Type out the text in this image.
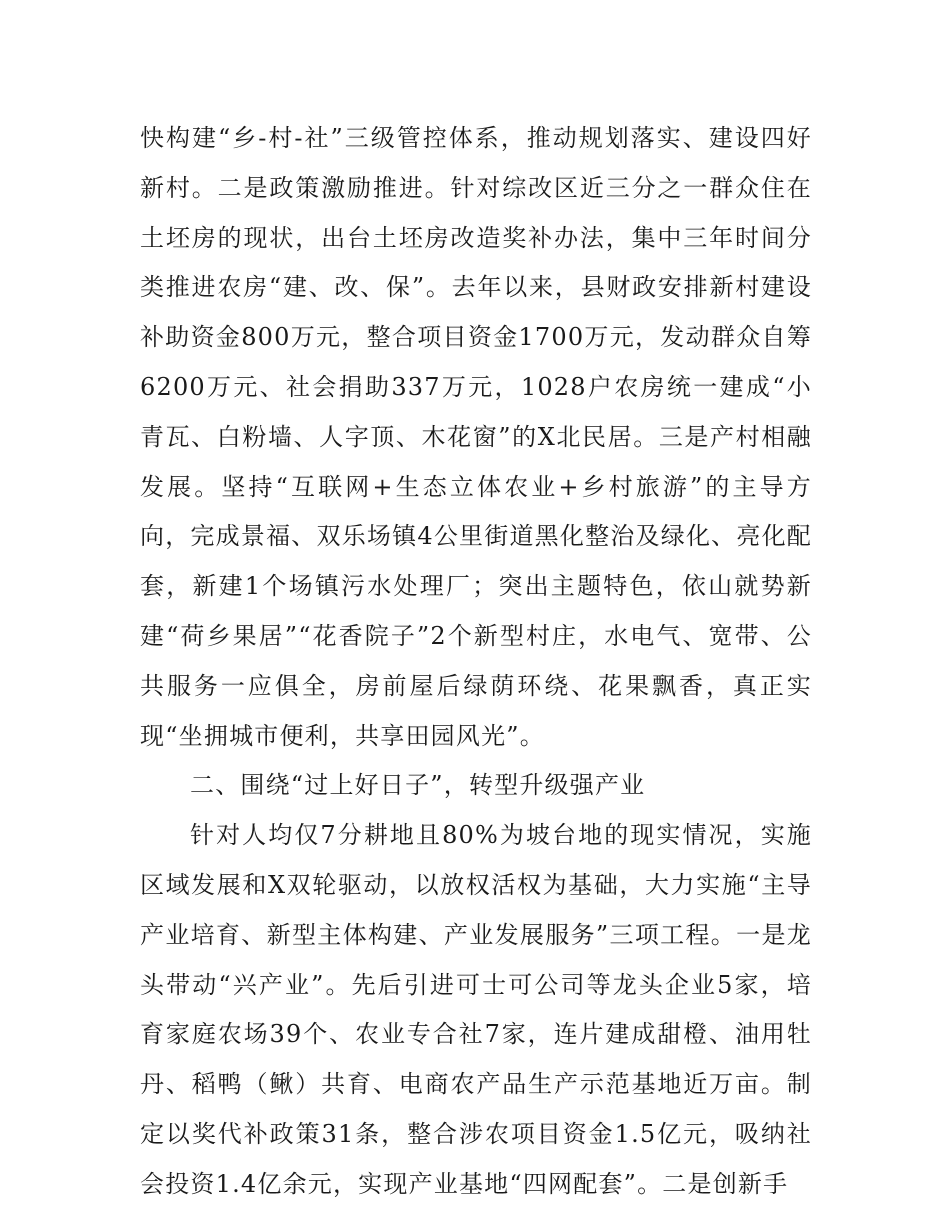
快构建“乡-村-社”三级管控体系，推动规划落实、建设四好新村。二是政策激励推进。针对综改区近三分之一群众住在土坯房的现状，出台土坯房改造奖补办法，集中三年时间分类推进农房“建、改、保”。去年以来，县财政安排新村建设补助资金800万元，整合项目资金1700万元，发动群众自筹6200万元、社会捐助337万元，1028户农房统一建成“小青瓦、白粉墙、人字顶、木花窗”的X北民居。三是产村相融发展。坚持“互联网+生态立体农业+乡村旅游”的主导方向，完成景福、双乐场镇4公里街道黑化整治及绿化、亮化配套，新建1个场镇污水处理厂；突出主题特色，依山就势新建“荷乡果居”“花香院子”2个新型村庄，水电气、宽带、公共服务一应俱全，房前屋后绿荫环绕、花果飘香，真正实现“坐拥城市便利，共享田园风光”。

二、围绕“过上好日子”，转型升级强产业

针对人均仅7分耕地且80%为坡台地的现实情况，实施区域发展和X双轮驱动，以放权活权为基础，大力实施“主导产业培育、新型主体构建、产业发展服务”三项工程。一是龙头带动“兴产业”。先后引进可士可公司等龙头企业5家，培育家庭农场39个、农业专合社7家，连片建成甜橙、油用牡丹、稻鸭（鳅）共育、电商农产品生产示范基地近万亩。制定以奖代补政策31条，整合涉农项目资金1.5亿元，吸纳社会投资1.4亿余元，实现产业基地“四网配套”。二是创新手
